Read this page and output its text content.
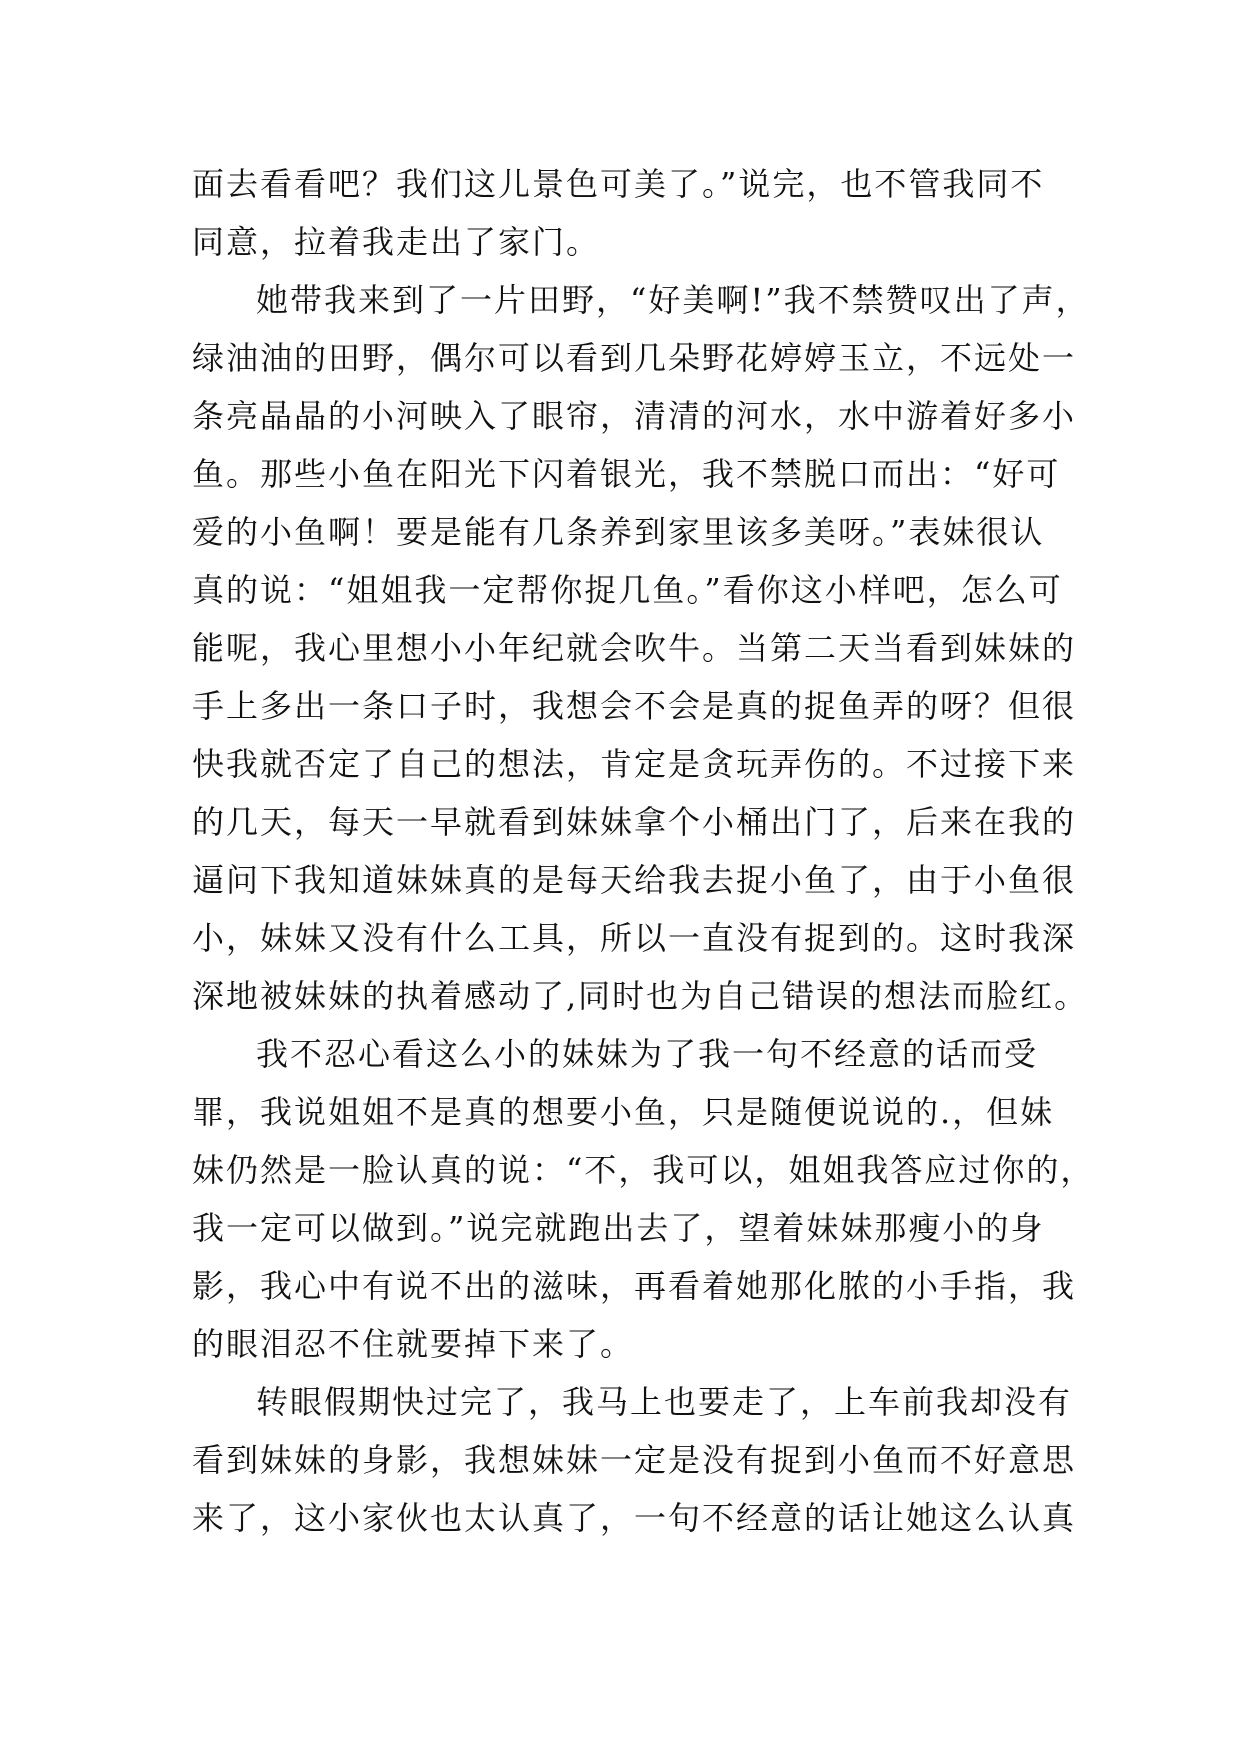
面去看看吧？我们这儿景色可美了。”说完，也不管我同不
同意，拉着我走出了家门。
她带我来到了一片田野，“好美啊!”我不禁赞叹出了声，
绿油油的田野，偶尔可以看到几朵野花婷婷玉立，不远处一
条亮晶晶的小河映入了眼帘，清清的河水，水中游着好多小
鱼。那些小鱼在阳光下闪着银光，我不禁脱口而出：“好可
爱的小鱼啊！要是能有几条养到家里该多美呀。”表妹很认
真的说：“姐姐我一定帮你捉几鱼。”看你这小样吧，怎么可
能呢，我心里想小小年纪就会吹牛。当第二天当看到妹妹的
手上多出一条口子时，我想会不会是真的捉鱼弄的呀？但很
快我就否定了自己的想法，肯定是贪玩弄伤的。不过接下来
的几天，每天一早就看到妹妹拿个小桶出门了，后来在我的
逼问下我知道妹妹真的是每天给我去捉小鱼了，由于小鱼很
小，妹妹又没有什么工具，所以一直没有捉到的。这时我深
深地被妹妹的执着感动了,同时也为自己错误的想法而脸红。
我不忍心看这么小的妹妹为了我一句不经意的话而受
罪，我说姐姐不是真的想要小鱼，只是随便说说的.，但妹
妹仍然是一脸认真的说：“不，我可以，姐姐我答应过你的，
我一定可以做到。”说完就跑出去了，望着妹妹那瘦小的身
影，我心中有说不出的滋味，再看着她那化脓的小手指，我
的眼泪忍不住就要掉下来了。
转眼假期快过完了，我马上也要走了，上车前我却没有
看到妹妹的身影，我想妹妹一定是没有捉到小鱼而不好意思
来了，这小家伙也太认真了，一句不经意的话让她这么认真
